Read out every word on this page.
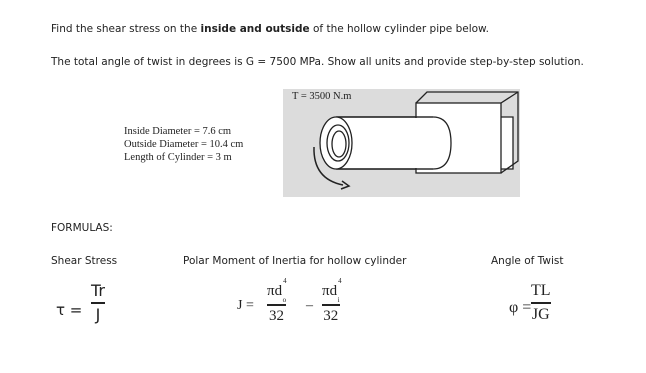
Find the shear stress on the inside and outside of the hollow cylinder pipe below.
The total angle of twist in degrees is G = 7500 MPa. Show all units and provide step-by-step solution.
Inside Diameter = 7.6 cm
Outside Diameter = 10.4 cm
Length of Cylinder = 3 m
T = 3500 N.m
FORMULAS:
Shear Stress
τ =
Tr
J
Polar Moment of Inertia for hollow cylinder
J =
$\pi d^4_o$
32
–
$\pi d^4_i$
32
Angle of Twist
φ =
TL
JG
